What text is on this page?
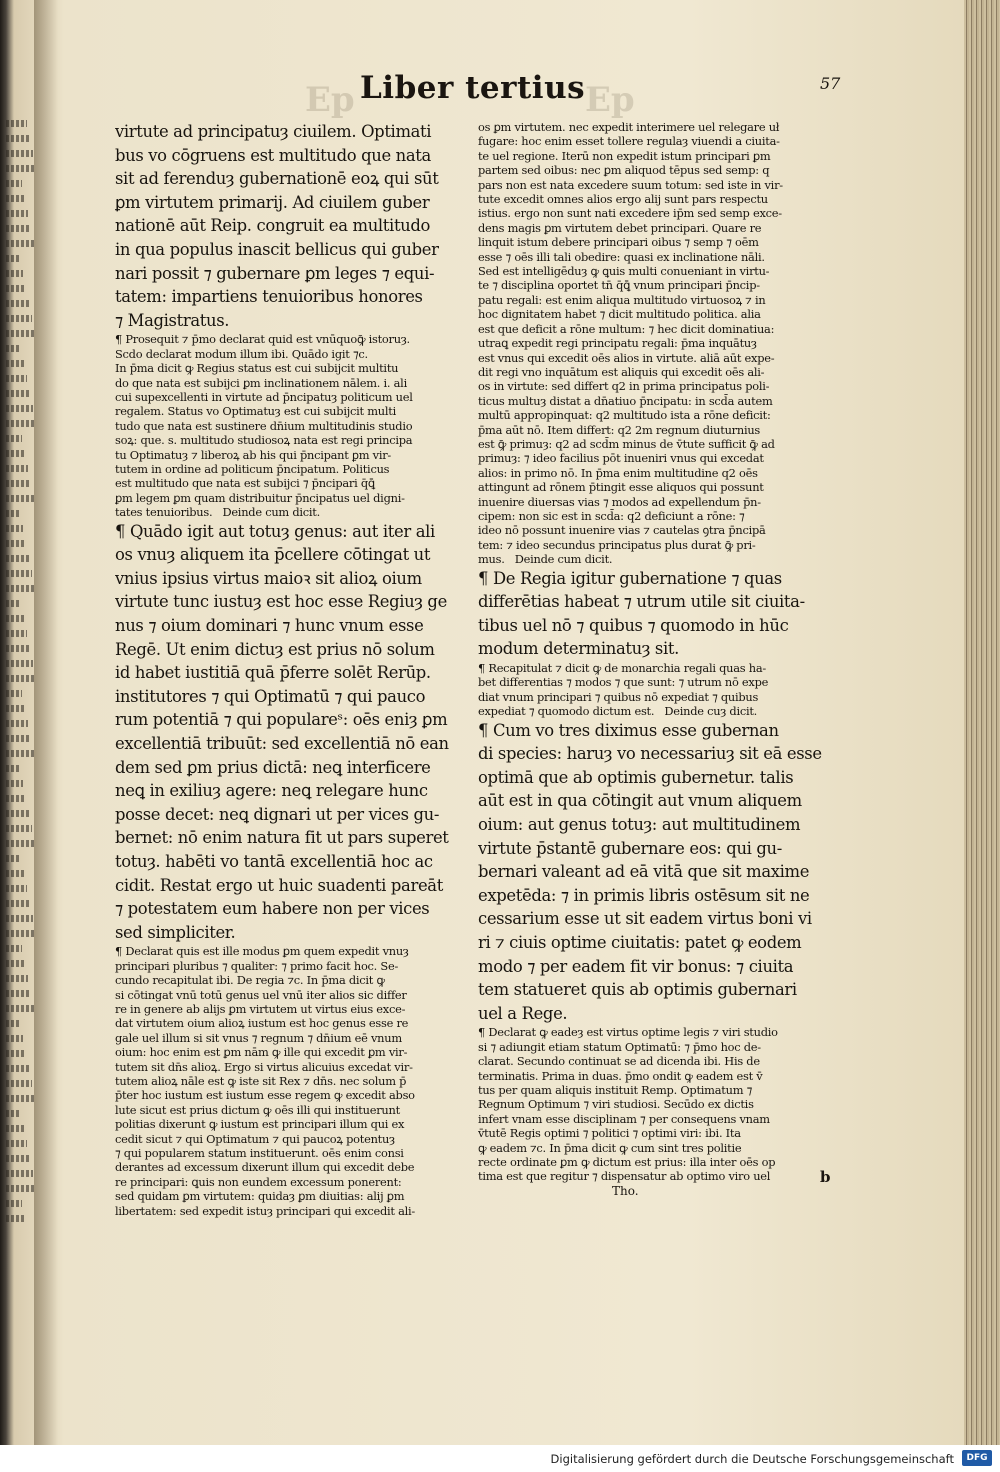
Ep	Ep
Liber tertius	57
virtute ad principatuȝ ciuilem. Optimati
bus vo cōgruens est multitudo que nata
sit ad ferenduȝ gubernationē eoꝝ qui sūt
ꝑm virtutem primarij. Ad ciuilem guber
nationē aūt Reip. congruit ea multitudo
in qua populus inascit bellicus qui guber
nari possit ⁊ gubernare ꝑm leges ⁊ equi-
tatem: impartiens tenuioribus honores
⁊ Magistratus.
¶ Prosequit ⁊ p̄mo declarat quid est vnūquoꝙ̄ istoruȝ.
Scdo declarat modum illum ibi. Quādo igit ⁊c.
In p̄ma dicit ꝙ Regius status est cui subijcit multitu
do que nata est subijci ꝑm inclinationem nālem. i. ali
cui supexcellenti in virtute ad p̄ncipatuȝ politicum uel
regalem. Status vo Optimatuȝ est cui subijcit multi
tudo que nata est sustinere dn̄ium multitudinis studio
soꝝ: que. s. multitudo studiosoꝝ nata est regi principa
tu Optimatuȝ ⁊ liberoꝝ ab his qui p̄ncipant ꝑm vir-
tutem in ordine ad politicum p̄ncipatum. Politicus
est multitudo que nata est subijci ⁊ p̄ncipari q̄ꝗ̄
ꝑm legem ꝑm quam distribuitur p̄ncipatus uel digni-
tates tenuioribus.   Deinde cum dicit.
¶ Quādo igit aut totuȝ genus: aut iter ali
os vnuȝ aliquem ita p̄cellere cōtingat ut
vnius ipsius virtus maioꝛ sit alioꝝ oium
virtute tunc iustuȝ est hoc esse Regiuȝ ge
nus ⁊ oium dominari ⁊ hunc vnum esse
Regē. Ut enim dictuȝ est prius nō solum
id habet iustitiā quā p̄ferre solēt Rerūp.
institutores ⁊ qui Optimatū ⁊ qui pauco
rum potentiā ⁊ qui populareˢ: oēs eniȝ ꝑm
excellentiā tribuūt: sed excellentiā nō ean
dem sed ꝑm prius dictā: neꝗ interficere
neꝗ in exiliuȝ agere: neꝗ relegare hunc
posse decet: neꝗ dignari ut per vices gu-
bernet: nō enim natura fit ut pars superet
totuȝ. habēti vo tantā excellentiā hoc ac
cidit. Restat ergo ut huic suadenti pareāt
⁊ potestatem eum habere non per vices
sed simpliciter.
¶ Declarat quis est ille modus ꝑm quem expedit vnuȝ
principari pluribus ⁊ qualiter: ⁊ primo facit hoc. Se-
cundo recapitulat ibi. De regia ⁊c. In p̄ma dicit ꝙ
si cōtingat vnū totū genus uel vnū iter alios sic differ
re in genere ab alijs ꝑm virtutem ut virtus eius exce-
dat virtutem oium alioꝝ iustum est hoc genus esse re
gale uel illum si sit vnus ⁊ regnum ⁊ dn̄ium eē vnum
oium: hoc enim est ꝑm nām ꝙ ille qui excedit ꝑm vir-
tutem sit dn̄s alioꝝ. Ergo si virtus alicuius excedat vir-
tutem alioꝝ nāle est ꝙ iste sit Rex ⁊ dn̄s. nec solum p̄
p̄ter hoc iustum est iustum esse regem ꝙ excedit abso
lute sicut est prius dictum ꝙ oēs illi qui instituerunt
politias dixerunt ꝙ iustum est principari illum qui ex
cedit sicut ⁊ qui Optimatum ⁊ qui paucoꝝ potentuȝ
⁊ qui popularem statum instituerunt. oēs enim consi
derantes ad excessum dixerunt illum qui excedit debe
re principari: ꝗuis non eundem excessum ponerent:
sed quidam ꝑm virtutem: quidaȝ ꝑm diuitias: alij ꝑm
libertatem: sed expedit istuȝ principari qui excedit ali-
os ꝑm virtutem. nec expedit interimere uel relegare uł
fugare: hoc enim esset tollere regulaȝ viuendi a ciuita-
te uel regione. Iterū non expedit istum principari ꝑm
partem sed oibus: nec ꝑm aliquod tēpus sed semp: q
pars non est nata excedere suum totum: sed iste in vir-
tute excedit omnes alios ergo alij sunt pars respectu
istius. ergo non sunt nati excedere ip̄m sed semp exce-
dens magis ꝑm virtutem debet principari. Quare re
linquit istum debere principari oibus ⁊ semp ⁊ oēm
esse ⁊ oēs illi tali obedire: quasi ex inclinatione nāli.
Sed est intelligēduȝ ꝙ ꝗuis multi conueniant in virtu-
te ⁊ disciplina oportet tn̄ q̄ꝗ̄ vnum principari p̄ncip-
patu regali: est enim aliqua multitudo virtuosoꝝ ⁊ in
hoc dignitatem habet ⁊ dicit multitudo politica. alia
est que deficit a rōne multum: ⁊ hec dicit dominatiua:
utraꝗ expedit regi principatu regali: p̄ma inquātuȝ
est vnus qui excedit oēs alios in virtute. aliā aūt expe-
dit regi vno inquātum est aliquis qui excedit oēs ali-
os in virtute: sed differt q2 in prima principatus poli-
ticus multuȝ distat a dn̄atiuo p̄ncipatu: in scd̄a autem
multū appropinquat: q2 multitudo ista a rōne deficit:
p̄ma aūt nō. Item differt: q2 2m regnum diuturnius
est ꝙ̄ primuȝ: q2 ad scd̄m minus de v̄tute sufficit ꝙ̄ ad
primuȝ: ⁊ ideo facilius pōt inueniri vnus qui excedat
alios: in primo nō. In p̄ma enim multitudine q2 oēs
attingunt ad rōnem p̄tingit esse aliquos qui possunt
inuenire diuersas vias ⁊ modos ad expellendum p̄n-
cipem: non sic est in scd̄a: q2 deficiunt a rōne: ⁊
ideo nō possunt inuenire vias ⁊ cautelas ꝯtra p̄ncipā
tem: ⁊ ideo secundus principatus plus durat ꝙ̄ pri-
mus.   Deinde cum dicit.
¶ De Regia igitur gubernatione ⁊ quas
differētias habeat ⁊ utrum utile sit ciuita-
tibus uel nō ⁊ quibus ⁊ quomodo in hūc
modum determinatuȝ sit.
¶ Recapitulat ⁊ dicit ꝙ de monarchia regali quas ha-
bet differentias ⁊ modos ⁊ que sunt: ⁊ utrum nō expe
diat vnum principari ⁊ quibus nō expediat ⁊ quibus
expediat ⁊ quomodo dictum est.   Deinde cuȝ dicit.
¶ Cum vo tres diximus esse gubernan
di species: haruȝ vo necessariuȝ sit eā esse
optimā que ab optimis gubernetur. talis
aūt est in qua cōtingit aut vnum aliquem
oium: aut genus totuȝ: aut multitudinem
virtute p̄stantē gubernare eos: qui gu-
bernari valeant ad eā vitā que sit maxime
expetēda: ⁊ in primis libris ostēsum sit ne
cessarium esse ut sit eadem virtus boni vi
ri ⁊ ciuis optime ciuitatis: patet ꝙ eodem
modo ⁊ per eadem fit vir bonus: ⁊ ciuita
tem statueret quis ab optimis gubernari
uel a Rege.
¶ Declarat ꝙ eadeȝ est virtus optime legis ⁊ viri studio
si ⁊ adiungit etiam statum Optimatū: ⁊ p̄mo hoc de-
clarat. Secundo continuat se ad dicenda ibi. His de
terminatis. Prima in duas. p̄mo ondit ꝙ eadem est v̄
tus per quam aliquis instituit Remp. Optimatum ⁊
Regnum Optimum ⁊ viri studiosi. Secūdo ex dictis
infert vnam esse disciplinam ⁊ per consequens vnam
v̄tutē Regis optimi ⁊ politici ⁊ optimi viri: ibi. Ita
ꝙ eadem ⁊c. In p̄ma dicit ꝙ cum sint tres politie
recte ordinate ꝑm ꝙ dictum est prius: illa inter oēs op
tima est que regitur ⁊ dispensatur ab optimo viro uel
Tho.
b
Digitalisierung gefördert durch die Deutsche Forschungsgemeinschaft	DFG
